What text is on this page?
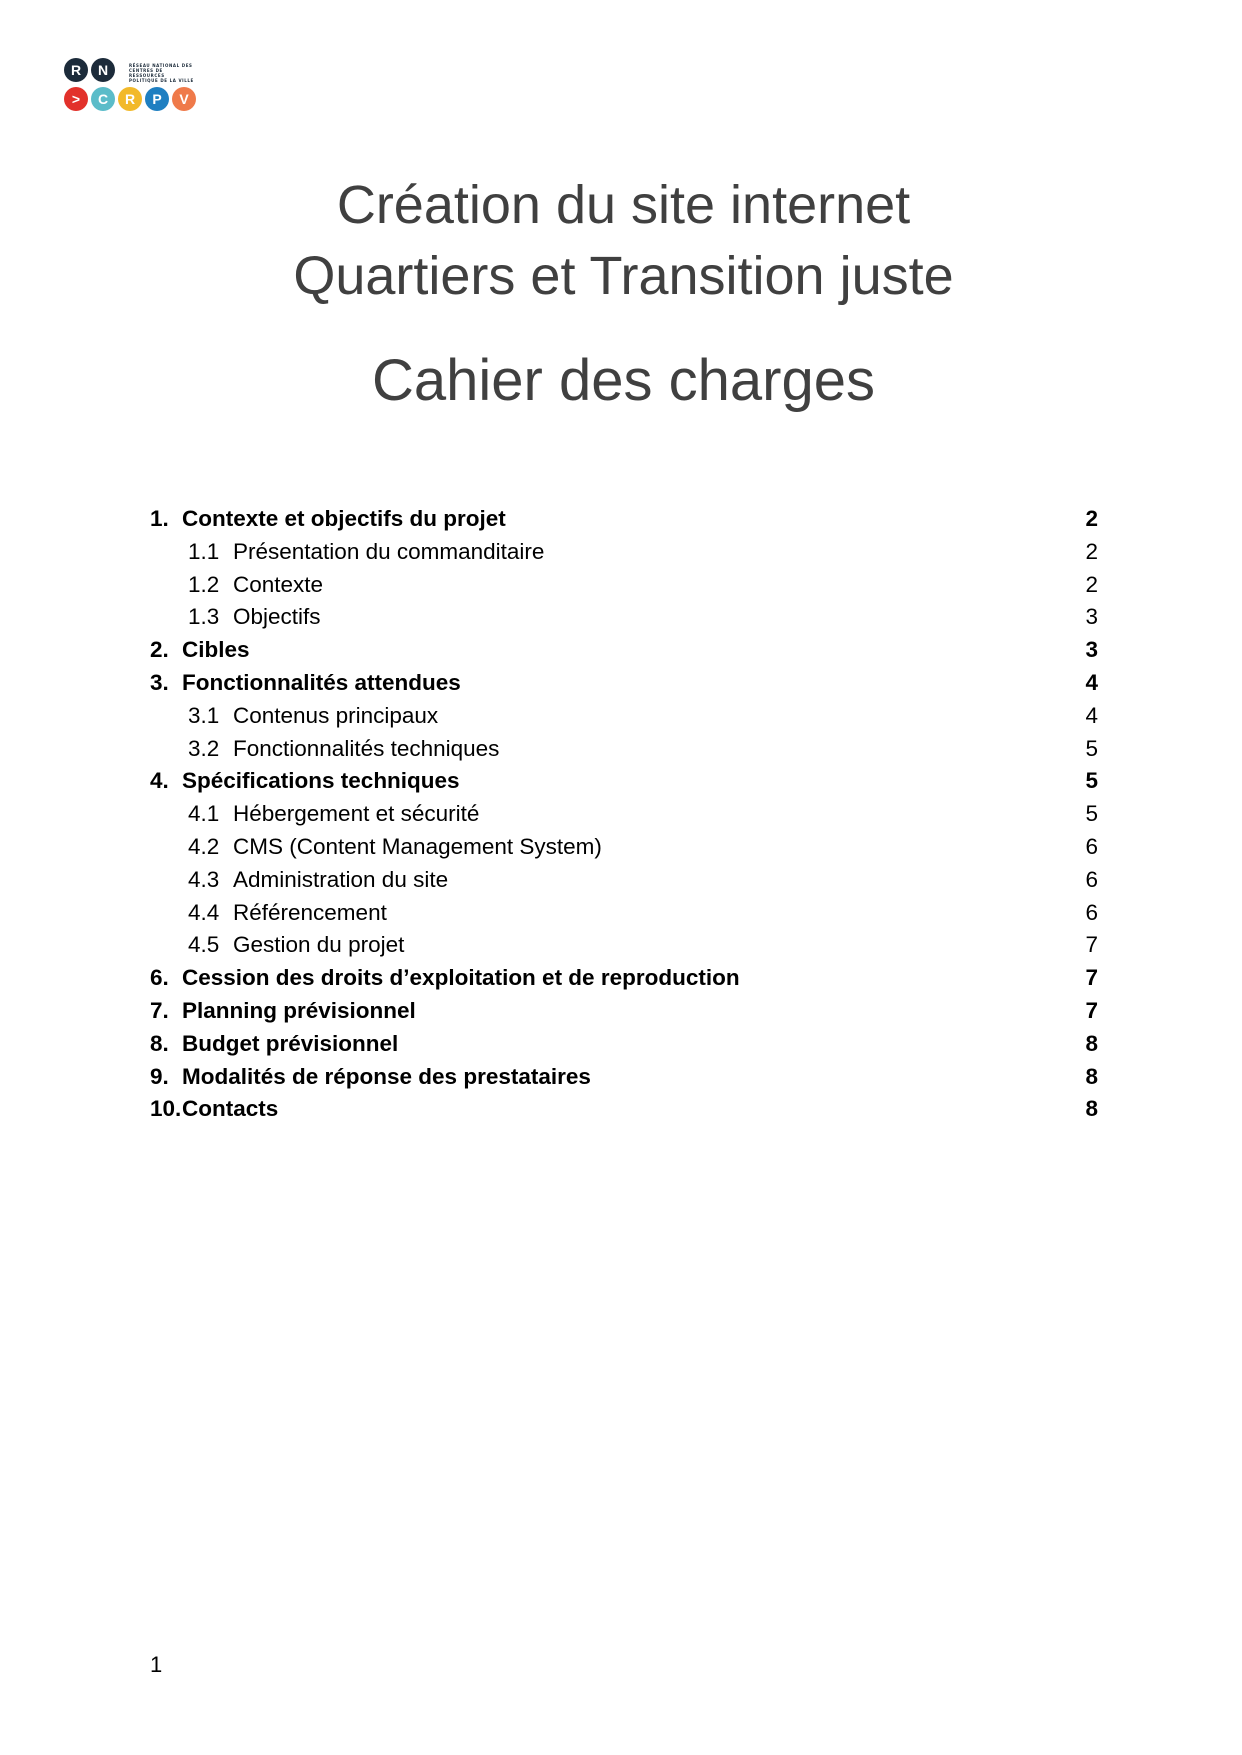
R	N	RÉSEAU NATIONAL DES
CENTRES DE RESSOURCES
POLITIQUE DE LA VILLE
>	C	R	P	V

Création du site internet

Quartiers et Transition juste

Cahier des charges

1. Contexte et objectifs du projet	2
1.1 Présentation du commanditaire	2
1.2 Contexte	2
1.3 Objectifs	3
2. Cibles	3
3. Fonctionnalités attendues	4
3.1 Contenus principaux	4
3.2 Fonctionnalités techniques	5
4. Spécifications techniques	5
4.1 Hébergement et sécurité	5
4.2 CMS (Content Management System)	6
4.3 Administration du site	6
4.4 Référencement	6
4.5 Gestion du projet	7
6. Cession des droits d’exploitation et de reproduction	7
7. Planning prévisionnel	7
8. Budget prévisionnel	8
9. Modalités de réponse des prestataires	8
10. Contacts	8
1
